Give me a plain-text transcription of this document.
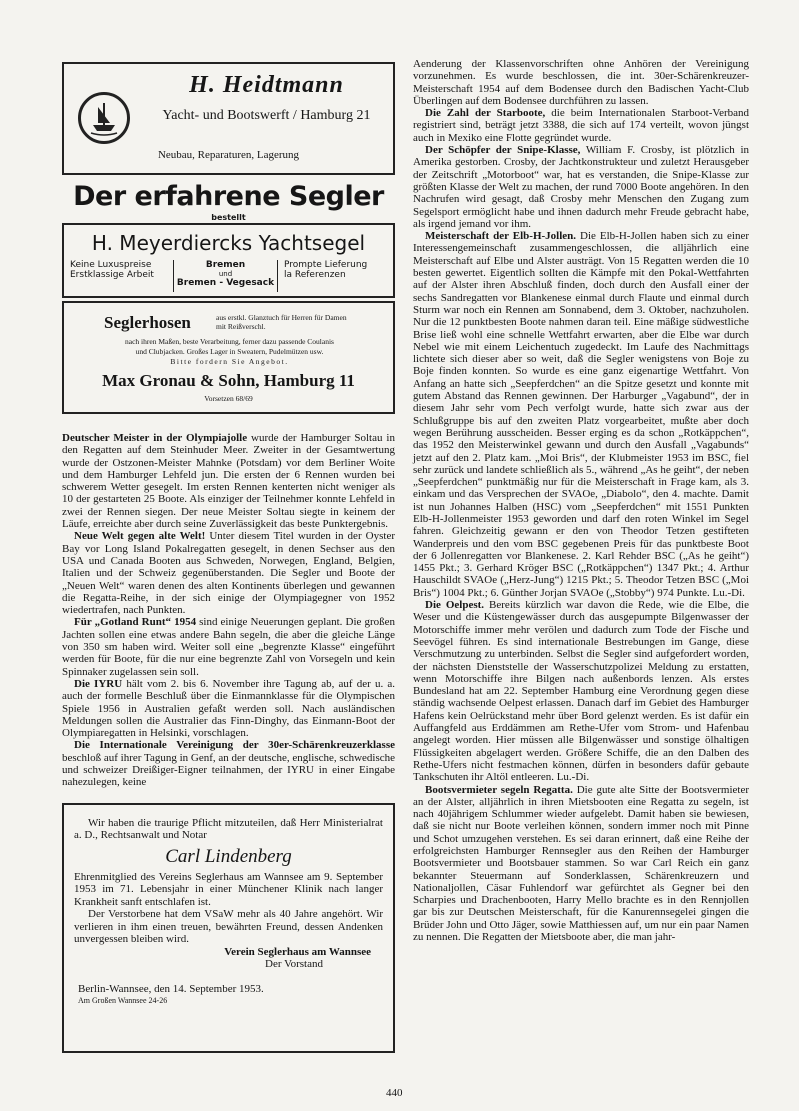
H. Heidtmann
Yacht- und Bootswerft / Hamburg 21
Neubau, Reparaturen, Lagerung
Der erfahrene Segler
bestellt
H. Meyerdiercks Yachtsegel
Keine Luxuspreise
Erstklassige Arbeit
Bremen
und
Bremen - Vegesack
Prompte Lieferung
la Referenzen
Seglerhosen	aus erstkl. Glanztuch für Herren für Damen mit Reißverschl.
nach ihren Maßen, beste Verarbeitung, ferner dazu passende Coulanis
und Clubjacken. Großes Lager in Sweatern, Pudelmützen usw.
Bitte fordern Sie Angebot.
Max Gronau & Sohn, Hamburg 11
Vorsetzen 68/69

Deutscher Meister in der Olympiajolle wurde der Hamburger Soltau in den Regatten auf dem Steinhuder Meer. Zweiter in der Gesamtwertung wurde der Ostzonen-Meister Mahnke (Potsdam) vor dem Berliner Woite und dem Hamburger Lehfeld jun. Die ersten der 6 Rennen wurden bei schwerem Wetter gesegelt. Im ersten Rennen kenterten nicht weniger als 10 der gestarteten 25 Boote. Als einziger der Teilnehmer konnte Lehfeld in zwei der Rennen siegen. Der neue Meister Soltau siegte in keinem der Läufe, erreichte aber durch seine Zuverlässigkeit das beste Punktergebnis.

Neue Welt gegen alte Welt! Unter diesem Titel wurden in der Oyster Bay vor Long Island Pokalregatten gesegelt, in denen Sechser aus den USA und Canada Booten aus Schweden, Norwegen, England, Belgien, Italien und der Schweiz gegenüberstanden. Die Segler und Boote der „Neuen Welt“ waren denen des alten Kontinents überlegen und gewannen die Regatta-Reihe, in der sich einige der Olympiagegner von 1952 wiedertrafen, nach Punkten.

Für „Gotland Runt“ 1954 sind einige Neuerungen geplant. Die großen Jachten sollen eine etwas andere Bahn segeln, die aber die gleiche Länge von 350 sm haben wird. Weiter soll eine „begrenzte Klasse“ eingeführt werden für Boote, für die nur eine begrenzte Zahl von Vorsegeln und kein Spinnaker zugelassen sein soll.

Die IYRU hält vom 2. bis 6. November ihre Tagung ab, auf der u. a. auch der formelle Beschluß über die Einmannklasse für die Olympischen Spiele 1956 in Australien gefaßt werden soll. Nach ausländischen Meldungen sollen die Australier das Finn-Dinghy, das Einmann-Boot der Olympiaregatten in Helsinki, vorschlagen.

Die Internationale Vereinigung der 30er-Schärenkreuzerklasse beschloß auf ihrer Tagung in Genf, an der deutsche, englische, schwedische und schweizer Dreißiger-Eigner teilnahmen, der IYRU in einer Eingabe nahezulegen, keine

Wir haben die traurige Pflicht mitzuteilen, daß Herr Ministerialrat a. D., Rechtsanwalt und Notar
Carl Lindenberg
Ehrenmitglied des Vereins Seglerhaus am Wannsee am 9. September 1953 im 71. Lebensjahr in einer Münchener Klinik nach langer Krankheit sanft entschlafen ist.
Der Verstorbene hat dem VSaW mehr als 40 Jahre angehört. Wir verlieren in ihm einen treuen, bewährten Freund, dessen Andenken unvergessen bleiben wird.
Verein Seglerhaus am Wannsee
Der Vorstand
Berlin-Wannsee, den 14. September 1953.
Am Großen Wannsee 24-26

Aenderung der Klassenvorschriften ohne Anhören der Vereinigung vorzunehmen. Es wurde beschlossen, die int. 30er-Schärenkreuzer-Meisterschaft 1954 auf dem Bodensee durch den Badischen Yacht-Club Überlingen auf dem Bodensee durchführen zu lassen.

Die Zahl der Starboote, die beim Internationalen Starboot-Verband registriert sind, beträgt jetzt 3388, die sich auf 174 verteilt, wovon jüngst auch in Mexiko eine Flotte gegründet wurde.

Der Schöpfer der Snipe-Klasse, William F. Crosby, ist plötzlich in Amerika gestorben. Crosby, der Jachtkonstrukteur und zuletzt Herausgeber der Zeitschrift „Motorboot“ war, hat es verstanden, die Snipe-Klasse zur größten Klasse der Welt zu machen, der rund 7000 Boote angehören. In den Nachrufen wird gesagt, daß Crosby mehr Menschen den Zugang zum Segelsport ermöglicht habe und ihnen dadurch mehr Freude gebracht habe, als irgend jemand vor ihm.

Meisterschaft der Elb-H-Jollen. Die Elb-H-Jollen haben sich zu einer Interessengemeinschaft zusammengeschlossen, die alljährlich eine Meisterschaft auf Elbe und Alster austrägt. Von 15 Regatten werden die 10 besten gewertet. Eigentlich sollten die Kämpfe mit den Pokal-Wettfahrten auf der Alster ihren Abschluß finden, doch durch den Ausfall einer der sechs Sandregatten vor Blankenese einmal durch Flaute und einmal durch Sturm war noch ein Rennen am Sonnabend, dem 3. Oktober, nachzuholen. Nur die 12 punktbesten Boote nahmen daran teil. Eine mäßige südwestliche Brise ließ wohl eine schnelle Wettfahrt erwarten, aber die Elbe war durch Nebel wie mit einem Leichentuch zugedeckt. Im Laufe des Nachmittags lichtete sich dieser aber so weit, daß die Segler wenigstens von Boje zu Boje finden konnten. So wurde es eine ganz eigenartige Wettfahrt. Von Anfang an hatte sich „Seepferdchen“ an die Spitze gesetzt und konnte mit gutem Abstand das Rennen gewinnen. Der Harburger „Vagabund“, der in diesem Jahr sehr vom Pech verfolgt wurde, hatte sich zwar aus der Schlußgruppe bis auf den zweiten Platz vorgearbeitet, mußte aber doch wegen Berührung ausscheiden. Besser erging es da schon „Rotkäppchen“, das 1952 den Meisterwinkel gewann und durch den Ausfall „Vagabunds“ jetzt auf den 2. Platz kam. „Moi Bris“, der Klubmeister 1953 im BSC, fiel sehr zurück und landete schließlich als 5., während „As he geiht“, der neben „Seepferdchen“ punktmäßig nur für die Meisterschaft in Frage kam, als 3. einkam und das Versprechen der SVAOe, „Diabolo“, den 4. machte. Damit ist nun Johannes Halben (HSC) vom „Seepferdchen“ mit 1551 Punkten Elb-H-Jollenmeister 1953 geworden und darf den roten Winkel im Segel fahren. Gleichzeitig gewann er den von Theodor Tetzen gestifteten Wanderpreis und den vom BSC gegebenen Preis für das punktbeste Boot der 6 Jollenregatten vor Blankenese. 2. Karl Rehder BSC („As he geiht“) 1455 Pkt.; 3. Gerhard Kröger BSC („Rotkäppchen“) 1347 Pkt.; 4. Arthur Hauschildt SVAOe („Herz-Jung“) 1215 Pkt.; 5. Theodor Tetzen BSC („Moi Bris“) 1004 Pkt.; 6. Günther Jorjan SVAOe („Stobby“) 974 Punkte. Lu.-Di.

Die Oelpest. Bereits kürzlich war davon die Rede, wie die Elbe, die Weser und die Küstengewässer durch das ausgepumpte Bilgenwasser der Motorschiffe immer mehr verölen und dadurch zum Tode der Fische und Seevögel führen. Es sind internationale Bestrebungen im Gange, diese Verschmutzung zu unterbinden. Selbst die Segler sind aufgefordert worden, der nächsten Dienststelle der Wasserschutzpolizei Meldung zu erstatten, wenn Motorschiffe ihre Bilgen nach außenbords lenzen. Als erstes Bundesland hat am 22. September Hamburg eine Verordnung gegen diese ständig wachsende Oelpest erlassen. Danach darf im Gebiet des Hamburger Hafens kein Oelrückstand mehr über Bord gelenzt werden. Es ist dafür ein Auffangfeld aus Erddämmen am Rethe-Ufer vom Strom- und Hafenbau angelegt worden. Hier müssen alle Bilgenwässer und sonstige ölhaltigen Flüssigkeiten abgelagert werden. Größere Schiffe, die an den Dalben des Rethe-Ufers nicht festmachen können, dürfen in besonders dafür gebaute Tankschuten ihr Altöl entleeren. Lu.-Di.

Bootsvermieter segeln Regatta. Die gute alte Sitte der Bootsvermieter an der Alster, alljährlich in ihren Mietsbooten eine Regatta zu segeln, ist nach 40jährigem Schlummer wieder aufgelebt. Damit haben sie bewiesen, daß sie nicht nur Boote verleihen können, sondern immer noch mit Pinne und Schot umzugehen verstehen. Es sei daran erinnert, daß eine Reihe der erfolgreichsten Hamburger Rennsegler aus den Reihen der Hamburger Bootsvermieter und Bootsbauer stammen. So war Carl Reich ein ganz bekannter Steuermann auf Sonderklassen, Schärenkreuzern und Nationaljollen, Cäsar Fuhlendorf war gefürchtet als Gegner bei den Scharpies und Drachenbooten, Harry Mello brachte es in den Rennjollen gar bis zur Deutschen Meisterschaft, für die Kanurennsegelei gingen die Brüder John und Otto Jäger, sowie Matthiessen auf, um nur ein paar Namen zu nennen. Die Regatten der Mietsboote aber, die man jahr-

440
